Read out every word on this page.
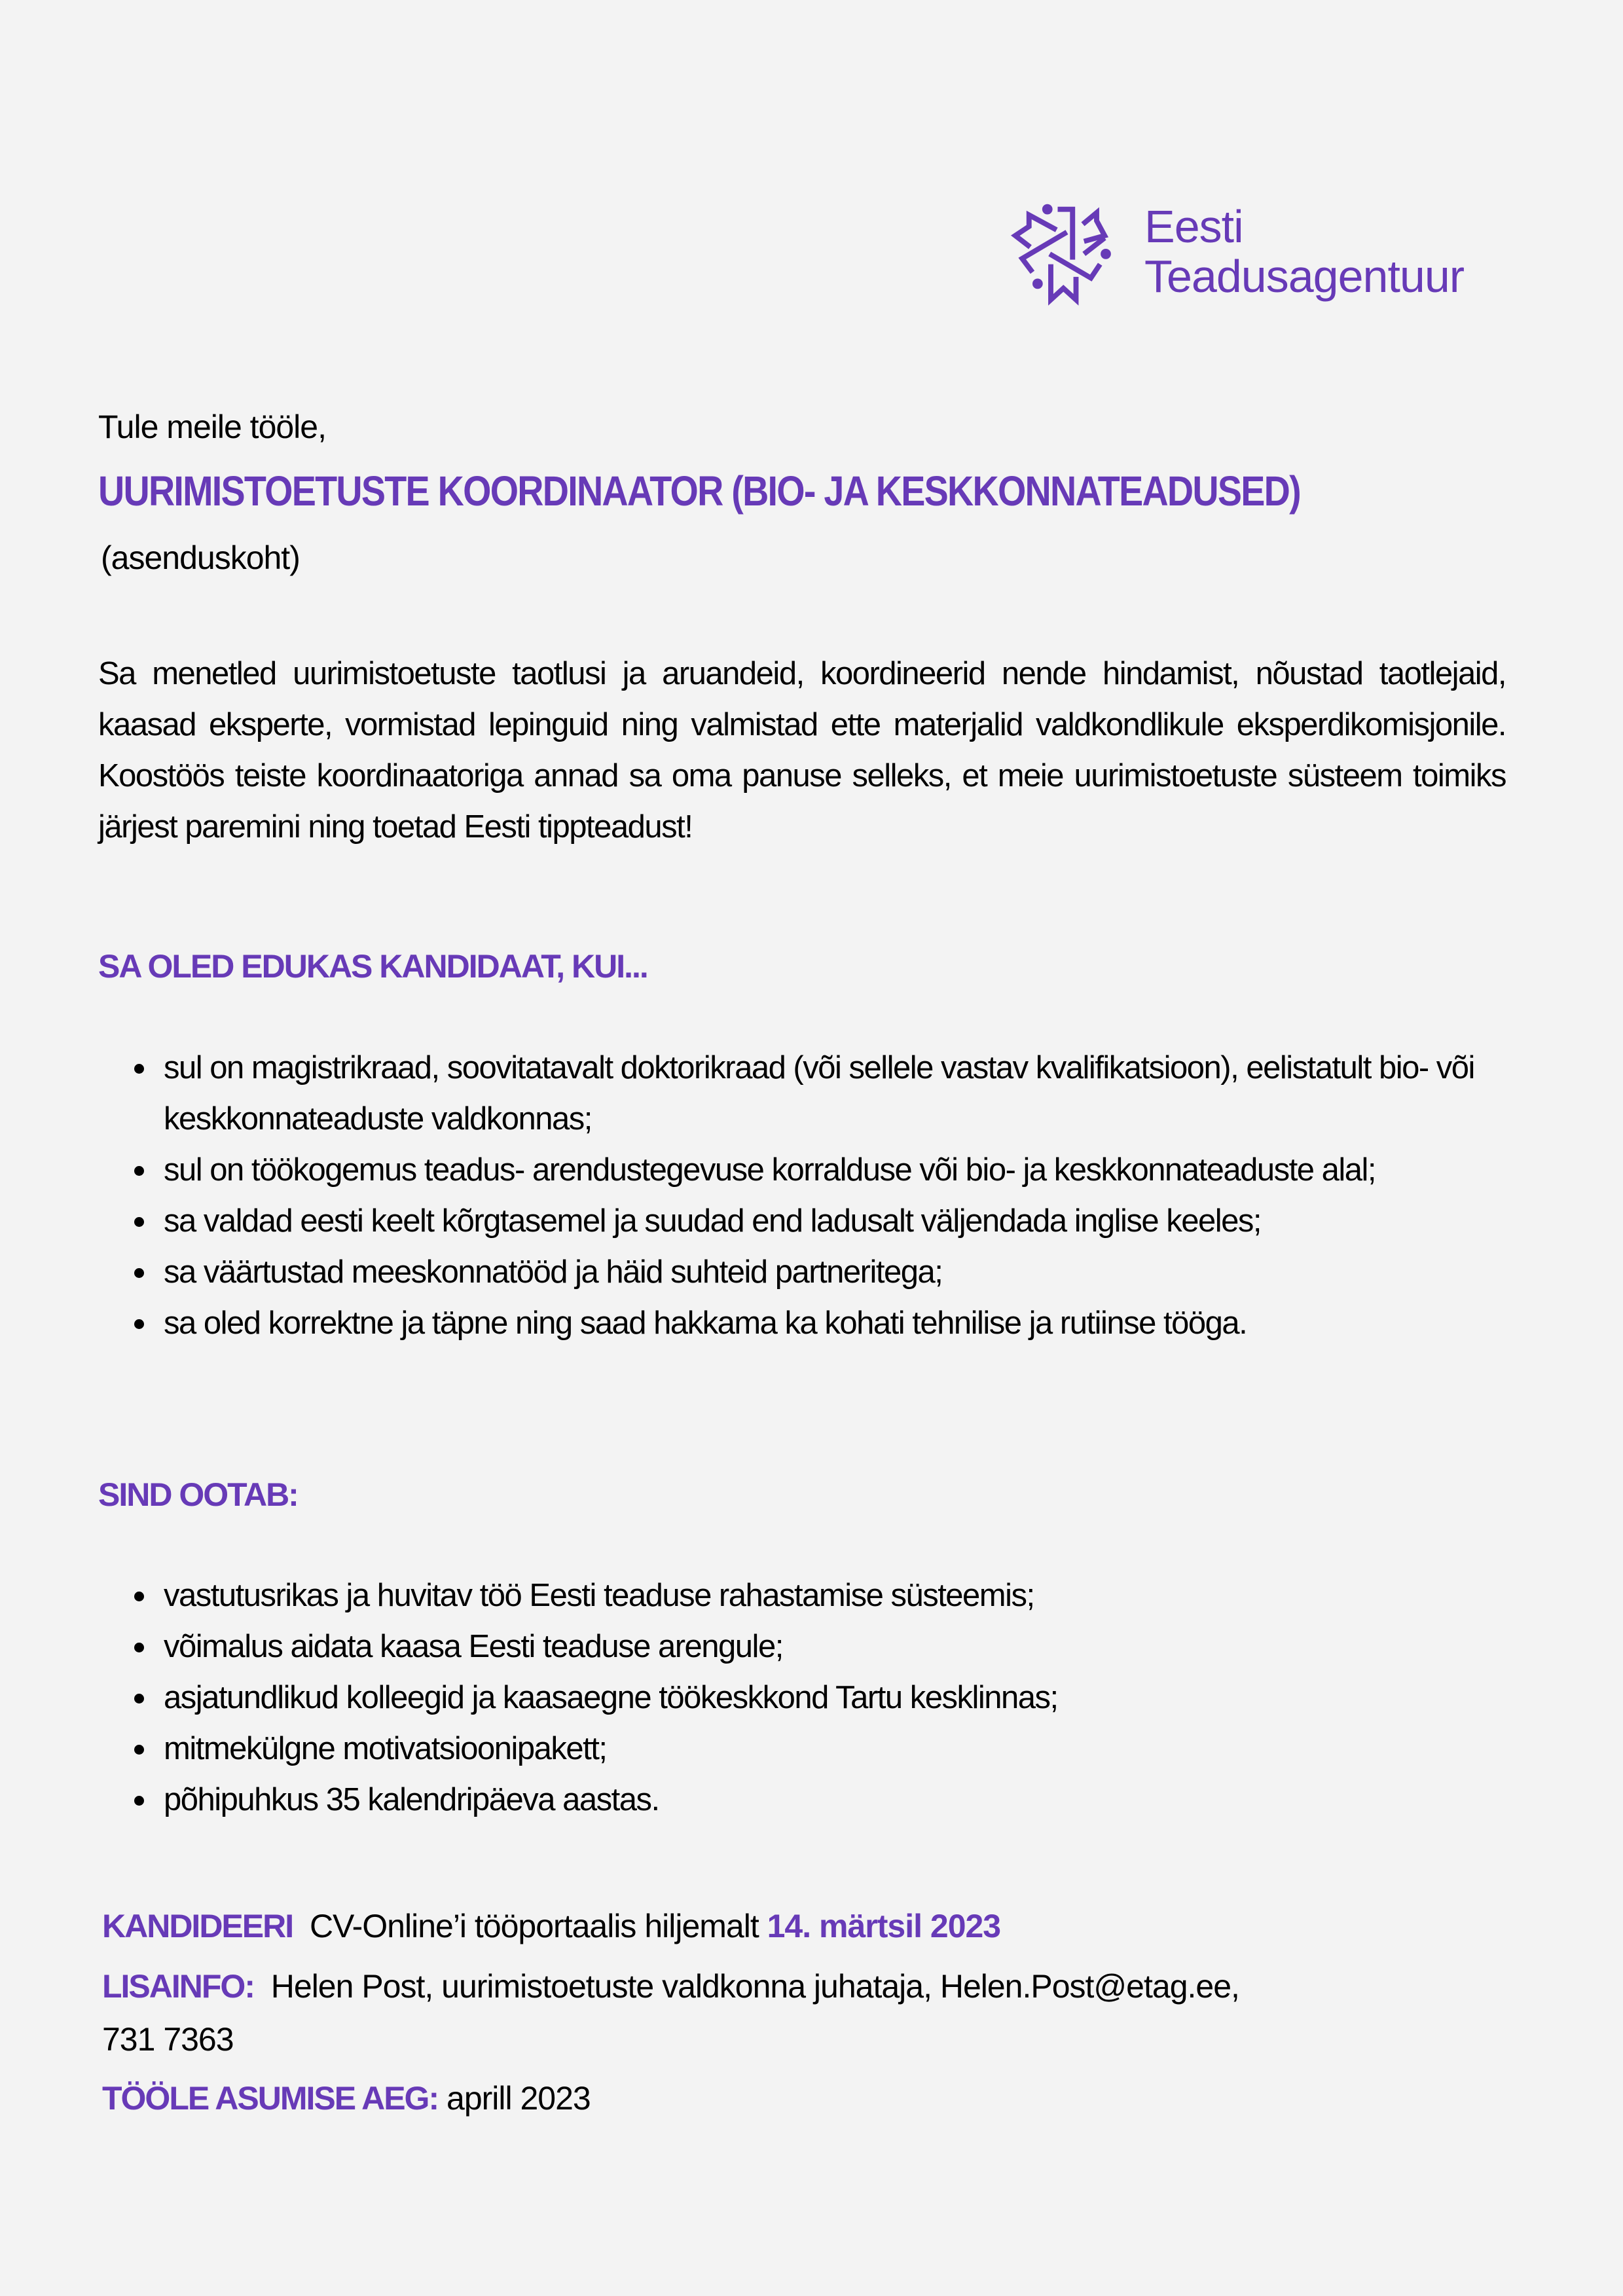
Eesti
Teadusagentuur
Tule meile tööle,
UURIMISTOETUSTE KOORDINAATOR (BIO- JA KESKKONNATEADUSED)
(asenduskoht)

Sa menetled uurimistoetuste taotlusi ja aruandeid, koordineerid nende hindamist, nõustad taotlejaid, kaasad eksperte, vormistad lepinguid ning valmistad ette materjalid valdkondlikule eksperdikomisjonile. Koostöös teiste koordinaatoriga annad sa oma panuse selleks, et meie uurimistoetuste süsteem toimiks järjest paremini ning toetad Eesti tippteadust!

SA OLED EDUKAS KANDIDAAT, KUI...
sul on magistrikraad, soovitatavalt doktorikraad (või sellele vastav kvalifikatsioon), eelistatult bio- või keskkonnateaduste valdkonnas;
sul on töökogemus teadus- arendustegevuse korralduse või bio- ja keskkonnateaduste alal;
sa valdad eesti keelt kõrgtasemel ja suudad end ladusalt väljendada inglise keeles;
sa väärtustad meeskonnatööd ja häid suhteid partneritega;
sa oled korrektne ja täpne ning saad hakkama ka kohati tehnilise ja rutiinse tööga.
SIND OOTAB:
vastutusrikas ja huvitav töö Eesti teaduse rahastamise süsteemis;
võimalus aidata kaasa Eesti teaduse arengule;
asjatundlikud kolleegid ja kaasaegne töökeskkond Tartu kesklinnas;
mitmekülgne motivatsioonipakett;
põhipuhkus 35 kalendripäeva aastas.
KANDIDEERI CV-Online’i tööportaalis hiljemalt 14. märtsil 2023
LISAINFO: Helen Post, uurimistoetuste valdkonna juhataja, Helen.Post@etag.ee,
731 7363
TÖÖLE ASUMISE AEG: aprill 2023
